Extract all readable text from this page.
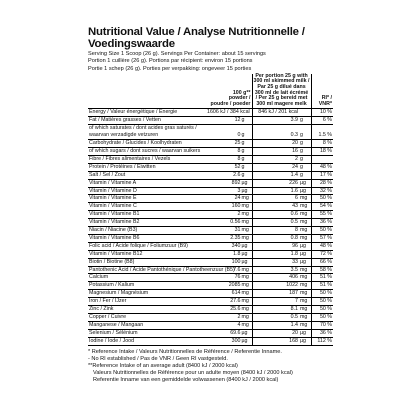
Nutritional Value / Analyse Nutritionnelle /
Voedingswaarde
Serving Size 1 Scoop (26 g). Servings Per Container: about 15 servings
Portion 1 cuillère (26 g). Portions par récipient: environ 15 portions
Portie 1 schep (26 g). Porties per verpakking: ongeveer 15 porties

	100 g**
powder /
poudre / poeder	Per portion 25 g with 300 ml skimmed milk / Par 25 g dilué dans 300 ml de lait écrémé / Per 25 g bereid met 300 ml magere melk		RI* / VNR*
Energy / Valeur énergétique / Energie	1606 kJ / 384 kcal	846 kJ / 201 kcal		10 %
Fat / Matières grasses / Vetten	12g	3.9	g	6 %
of which saturates / dont acides gras saturés /				
waarvan verzadigde vetzuren	0g	0.3	g	1.5 %
Carbohydrate / Glucides / Koolhydraten	25g	20	g	8 %
of which sugars / dont sucres / waarvan suikers	8g	16	g	18 %
Fibre / Fibres alimentaires / Vezels	8g	2	g	
Protein / Protéines / Eiwitten	52g	24	g	48 %
Salt / Sel / Zout	2.6g	1.4	g	17 %
Vitamin / Vitamine A	892µg	226	µg	28 %
Vitamin / Vitamine D	3µg	1.6	µg	32 %
Vitamin / Vitamine E	24mg	6	mg	50 %
Vitamin / Vitamine C	160mg	43	mg	54 %
Vitamin / Vitamine B1	2mg	0.6	mg	55 %
Vitamin / Vitamine B2	0.56mg	0.5	mg	36 %
Niacin / Niacine (B3)	31mg	8	mg	50 %
Vitamin / Vitamine B6	2.35mg	0.8	mg	57 %
Folic acid / Acide folique / Foliumzuur (B9)	340µg	96	µg	48 %
Vitamin / Vitamine B12	1.8µg	1.8	µg	72 %
Biotin / Biotine (B8)	100µg	33	µg	66 %
Pantothenic Acid / Acide Pantothénique / Pantotheenzuur (B5)	7.6mg	3.5	mg	58 %
Calcium	76mg	406	mg	51 %
Potassium / Kalium	2085mg	1022	mg	51 %
Magnesium / Magnésium	614mg	187	mg	50 %
Iron / Fer / IJzer	27.6mg	7	mg	50 %
Zinc / Zink	25.6mg	8.1	mg	50 %
Copper / Cuivre	2mg	0.5	mg	50 %
Manganese / Mangaan	4mg	1.4	mg	70 %
Selenium / Sélénium	69.6µg	20	µg	36 %
Iodine / Iode / Jood	300µg	168	µg	112 %
* Reference Intake / Valeurs Nutritionnelles de Référence / Referentie Inname.
- No RI established / Pas de VNR / Geen RI vastgesteld.
**Reference Intake of an average adult (8400 kJ / 2000 kcal)
Valeurs Nutritionnelles de Référence pour un adulte moyen (8400 kJ / 2000 kcal)
Referentie Inname van een gemiddelde volwassenen (8400 kJ / 2000 kcal)
